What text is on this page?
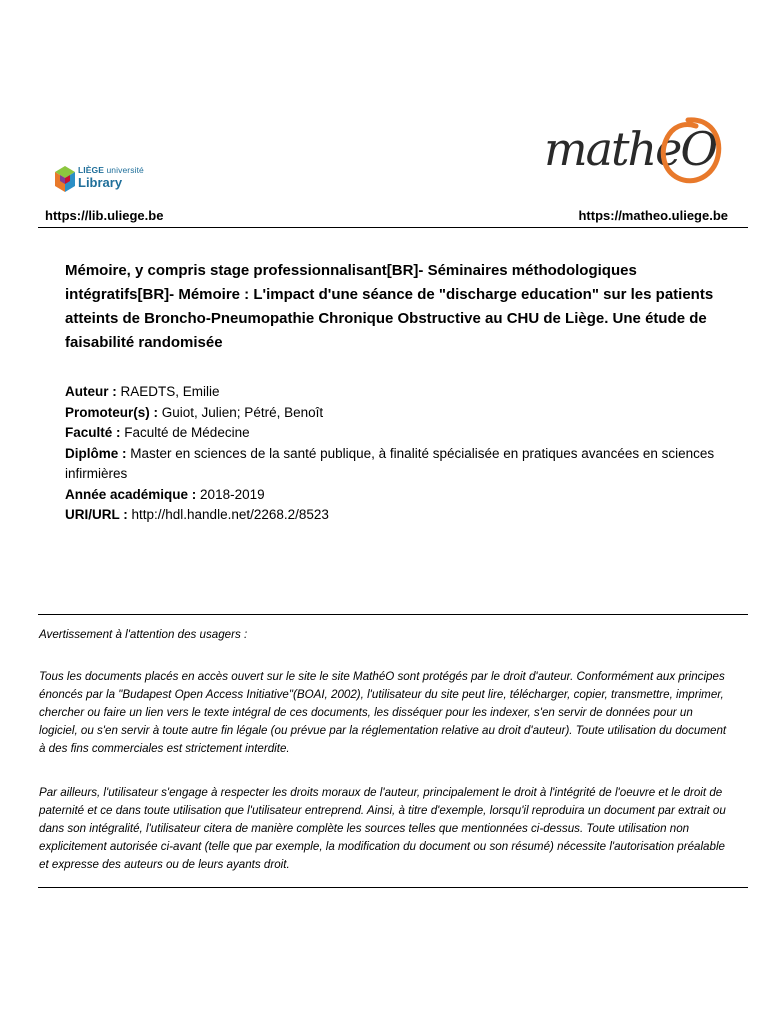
LIÈGE université
Library
matheO
https://lib.uliege.be	https://matheo.uliege.be
Mémoire, y compris stage professionnalisant[BR]- Séminaires méthodologiques intégratifs[BR]- Mémoire : L'impact d'une séance de "discharge education" sur les patients atteints de Broncho-Pneumopathie Chronique Obstructive au CHU de Liège. Une étude de faisabilité randomisée

Auteur : RAEDTS, Emilie

Promoteur(s) : Guiot, Julien; Pétré, Benoît

Faculté : Faculté de Médecine

Diplôme : Master en sciences de la santé publique, à finalité spécialisée en pratiques avancées en sciences infirmières

Année académique : 2018-2019

URI/URL : http://hdl.handle.net/2268.2/8523

Avertissement à l'attention des usagers :
Tous les documents placés en accès ouvert sur le site le site MathéO sont protégés par le droit d'auteur. Conformément aux principes énoncés par la "Budapest Open Access Initiative"(BOAI, 2002), l'utilisateur du site peut lire, télécharger, copier, transmettre, imprimer, chercher ou faire un lien vers le texte intégral de ces documents, les disséquer pour les indexer, s'en servir de données pour un logiciel, ou s'en servir à toute autre fin légale (ou prévue par la réglementation relative au droit d'auteur). Toute utilisation du document à des fins commerciales est strictement interdite.
Par ailleurs, l'utilisateur s'engage à respecter les droits moraux de l'auteur, principalement le droit à l'intégrité de l'oeuvre et le droit de paternité et ce dans toute utilisation que l'utilisateur entreprend. Ainsi, à titre d'exemple, lorsqu'il reproduira un document par extrait ou dans son intégralité, l'utilisateur citera de manière complète les sources telles que mentionnées ci-dessus. Toute utilisation non explicitement autorisée ci-avant (telle que par exemple, la modification du document ou son résumé) nécessite l'autorisation préalable et expresse des auteurs ou de leurs ayants droit.
